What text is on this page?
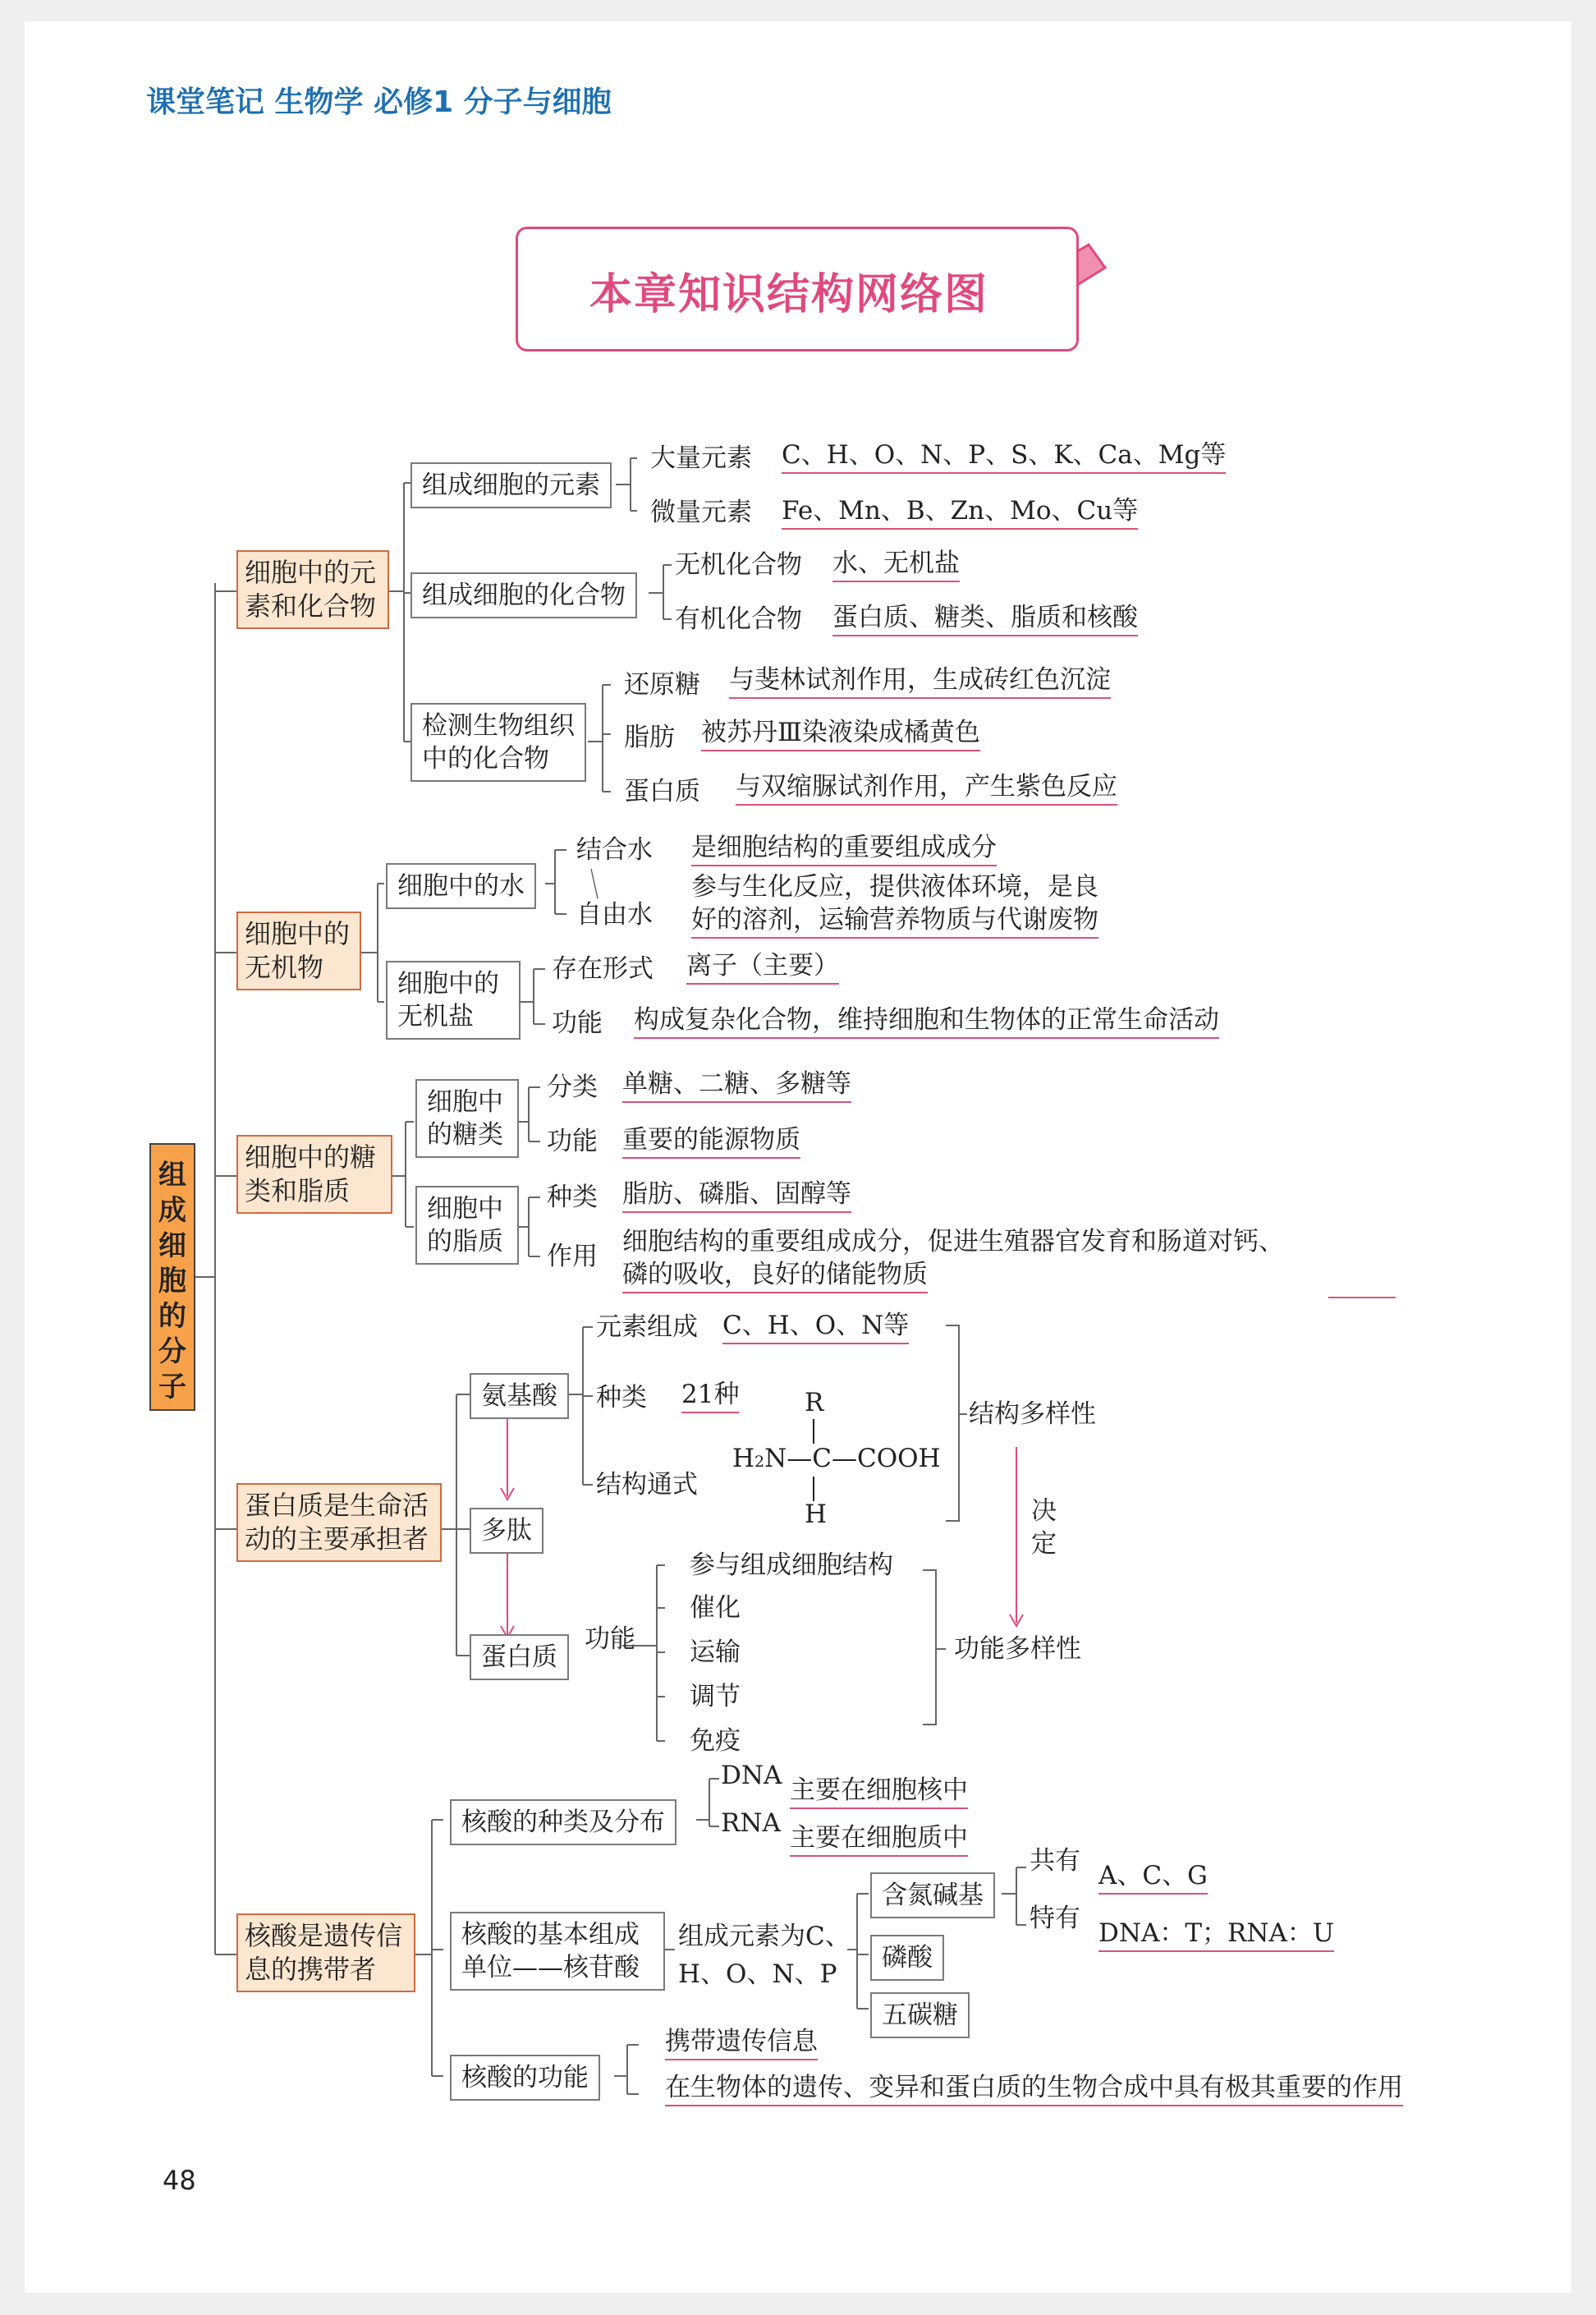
课堂笔记 生物学 必修1 分子与细胞
本章知识结构网络图
组成细胞的分子
细胞中的元
素和化合物
组成细胞的元素
大量元素 C、H、O、N、P、S、K、Ca、Mg等
微量元素 Fe、Mn、B、Zn、Mo、Cu等
组成细胞的化合物
无机化合物 水、无机盐
有机化合物 蛋白质、糖类、脂质和核酸
检测生物组织
中的化合物
还原糖 与斐林试剂作用，生成砖红色沉淀
脂肪 被苏丹Ⅲ染液染成橘黄色
蛋白质 与双缩脲试剂作用，产生紫色反应
细胞中的
无机物
细胞中的水
结合水 是细胞结构的重要组成成分
自由水
参与生化反应，提供液体环境，是良
好的溶剂，运输营养物质与代谢废物
细胞中的
无机盐
存在形式 离子（主要）
功能 构成复杂化合物，维持细胞和生物体的正常生命活动
细胞中的糖
类和脂质
细胞中
的糖类
分类 单糖、二糖、多糖等
功能 重要的能源物质
细胞中
的脂质
种类 脂肪、磷脂、固醇等
作用 细胞结构的重要组成成分，促进生殖器官发育和肠道对钙、
磷的吸收，良好的储能物质
蛋白质是生命活
动的主要承担者
氨基酸
多肽
蛋白质
元素组成 C、H、O、N等
种类 21种
结构通式
R
H2N—C—COOH
H
结构多样性
决
定
功能多样性
功能
参与组成细胞结构
催化
运输
调节
免疫
核酸是遗传信
息的携带者
核酸的种类及分布
DNA 主要在细胞核中
RNA 主要在细胞质中
核酸的基本组成
单位——核苷酸
组成元素为C、
H、O、N、P
含氮碱基
磷酸
五碳糖
共有 A、C、G
特有 DNA：T；RNA：U
核酸的功能
携带遗传信息
在生物体的遗传、变异和蛋白质的生物合成中具有极其重要的作用
48
